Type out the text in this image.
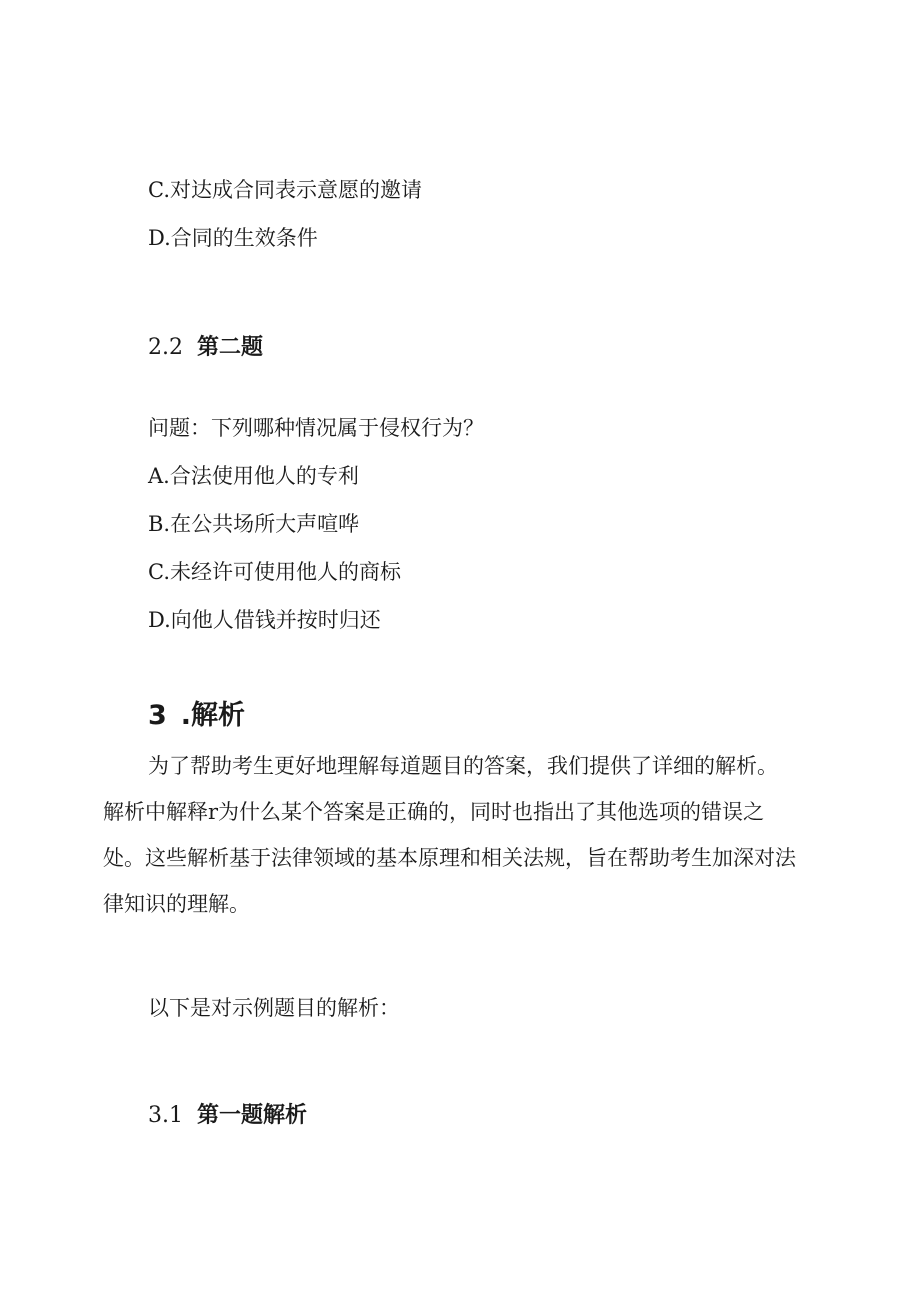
C.对达成合同表示意愿的邀请
D.合同的生效条件
2.2 第二题
问题：下列哪种情况属于侵权行为？
A.合法使用他人的专利
B.在公共场所大声喧哗
C.未经许可使用他人的商标
D.向他人借钱并按时归还
3 .解析
为了帮助考生更好地理解每道题目的答案，我们提供了详细的解析。
解析中解释r为什么某个答案是正确的，同时也指出了其他选项的错误之
处。这些解析基于法律领域的基本原理和相关法规，旨在帮助考生加深对法
律知识的理解。
以下是对示例题目的解析：
3.1 第一题解析
